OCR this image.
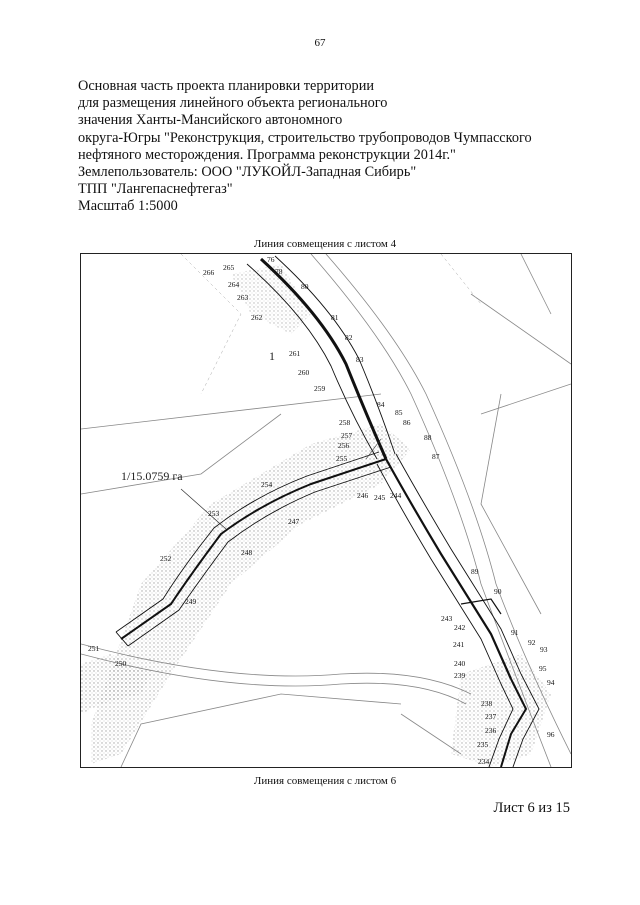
67
Основная часть проекта планировки территории
для размещения линейного объекта регионального
значения Ханты-Мансийского автономного
округа-Югры "Реконструкция, строительство трубопроводов Чумпасского
нефтяного месторождения. Программа реконструкции 2014г."
Землепользователь: ООО "ЛУКОЙЛ-Западная Сибирь"
ТПП "Лангепаснефтегаз"
Масштаб 1:5000
Линия совмещения с листом 4
1/15.0759 га
1
265
266
76
78
264
263
80
262	81
82
261
83
260
259
84
258
85
86
257	88
256
255	87
254
246 245 244
247
253
248
252
249
251
250
89
90
243
242
241
91
92
240
93
95
239
94
238
237
236	96
235
234
Линия совмещения с листом 6
Лист 6 из 15
